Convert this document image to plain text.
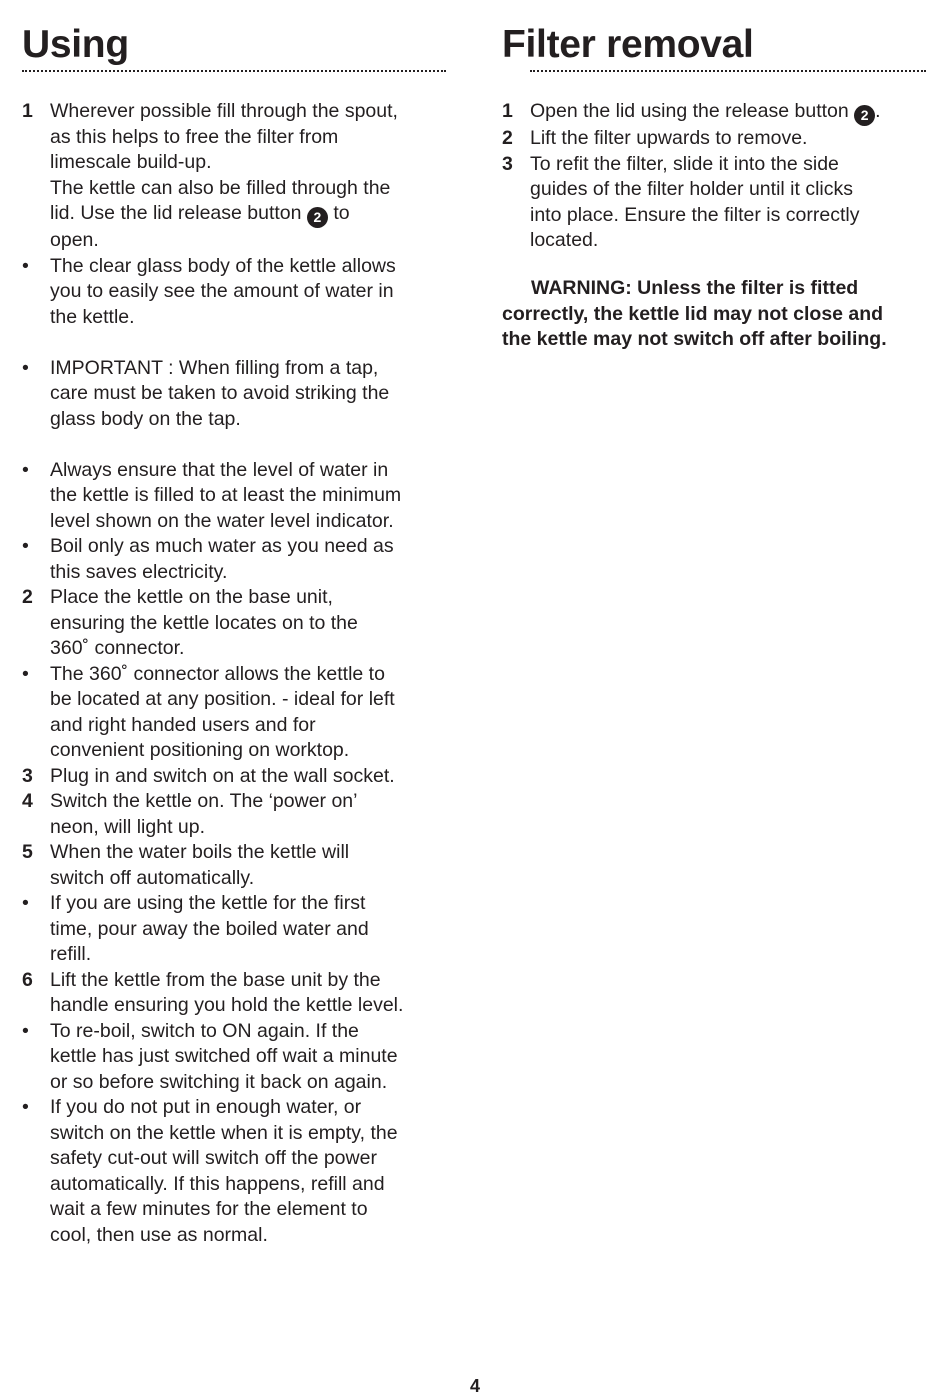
Using
1 Wherever possible fill through the spout,
as this helps to free the filter from
limescale build-up.
The kettle can also be filled through the
lid. Use the lid release button 2 to
open.
•	The clear glass body of the kettle allows
you to easily see the amount of water in
the kettle.
•	IMPORTANT : When filling from a tap,
care must be taken to avoid striking the
glass body on the tap.
•	Always ensure that the level of water in
the kettle is filled to at least the minimum
level shown on the water level indicator.
•	Boil only as much water as you need as
this saves electricity.
2 Place the kettle on the base unit,
ensuring the kettle locates on to the
360˚ connector.
•	The 360˚ connector allows the kettle to
be located at any position. - ideal for left
and right handed users and for
convenient positioning on worktop.
3 Plug in and switch on at the wall socket.
4 Switch the kettle on. The ‘power on’
neon, will light up.
5 When the water boils the kettle will
switch off automatically.
•	If you are using the kettle for the first
time, pour away the boiled water and
refill.
6 Lift the kettle from the base unit by the
handle ensuring you hold the kettle level.
•	To re-boil, switch to ON again. If the
kettle has just switched off wait a minute
or so before switching it back on again.
•	If you do not put in enough water, or
switch on the kettle when it is empty, the
safety cut-out will switch off the power
automatically. If this happens, refill and
wait a few minutes for the element to
cool, then use as normal.
Filter removal
1 Open the lid using the release button 2 .
2 Lift the filter upwards to remove.
3 To refit the filter, slide it into the side
guides of the filter holder until it clicks
into place. Ensure the filter is correctly
located.
WARNING: Unless the filter is fitted
correctly, the kettle lid may not close and
the kettle may not switch off after boiling.
4
